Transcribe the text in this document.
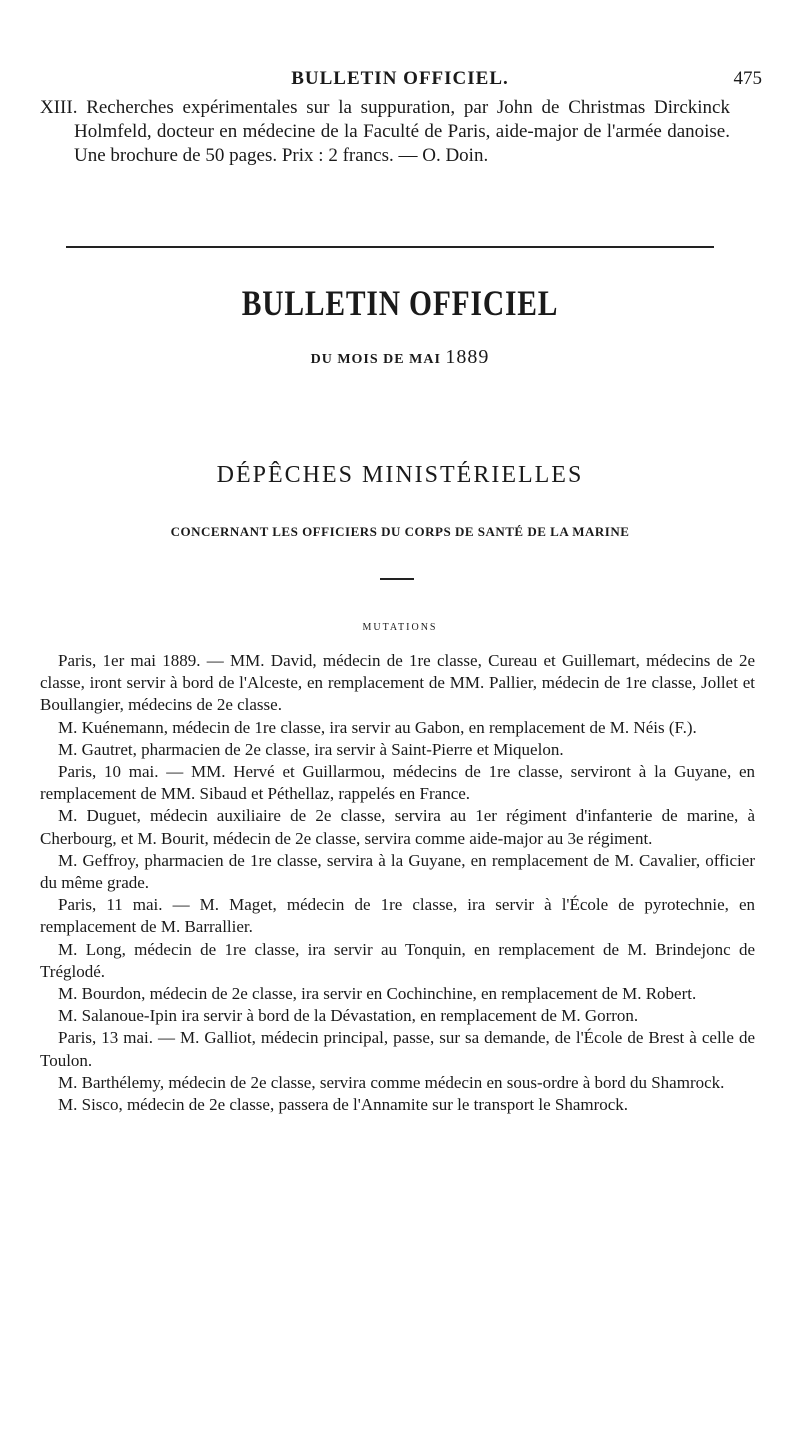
BULLETIN OFFICIEL.	475

XIII. Recherches expérimentales sur la suppuration, par John de Christmas Dirckinck Holmfeld, docteur en médecine de la Faculté de Paris, aide-major de l'armée danoise. Une brochure de 50 pages. Prix : 2 francs. — O. Doin.

BULLETIN OFFICIEL
DU MOIS DE MAI 1889
DÉPÊCHES MINISTÉRIELLES
CONCERNANT LES OFFICIERS DU CORPS DE SANTÉ DE LA MARINE
MUTATIONS

Paris, 1er mai 1889. — MM. David, médecin de 1re classe, Cureau et Guillemart, médecins de 2e classe, iront servir à bord de l'Alceste, en remplacement de MM. Pallier, médecin de 1re classe, Jollet et Boullangier, médecins de 2e classe.

M. Kuénemann, médecin de 1re classe, ira servir au Gabon, en remplacement de M. Néis (F.).

M. Gautret, pharmacien de 2e classe, ira servir à Saint-Pierre et Miquelon.

Paris, 10 mai. — MM. Hervé et Guillarmou, médecins de 1re classe, serviront à la Guyane, en remplacement de MM. Sibaud et Péthellaz, rappelés en France.

M. Duguet, médecin auxiliaire de 2e classe, servira au 1er régiment d'infanterie de marine, à Cherbourg, et M. Bourit, médecin de 2e classe, servira comme aide-major au 3e régiment.

M. Geffroy, pharmacien de 1re classe, servira à la Guyane, en remplacement de M. Cavalier, officier du même grade.

Paris, 11 mai. — M. Maget, médecin de 1re classe, ira servir à l'École de pyrotechnie, en remplacement de M. Barrallier.

M. Long, médecin de 1re classe, ira servir au Tonquin, en remplacement de M. Brindejonc de Tréglodé.

M. Bourdon, médecin de 2e classe, ira servir en Cochinchine, en remplacement de M. Robert.

M. Salanoue-Ipin ira servir à bord de la Dévastation, en remplacement de M. Gorron.

Paris, 13 mai. — M. Galliot, médecin principal, passe, sur sa demande, de l'École de Brest à celle de Toulon.

M. Barthélemy, médecin de 2e classe, servira comme médecin en sous-ordre à bord du Shamrock.

M. Sisco, médecin de 2e classe, passera de l'Annamite sur le transport le Shamrock.
